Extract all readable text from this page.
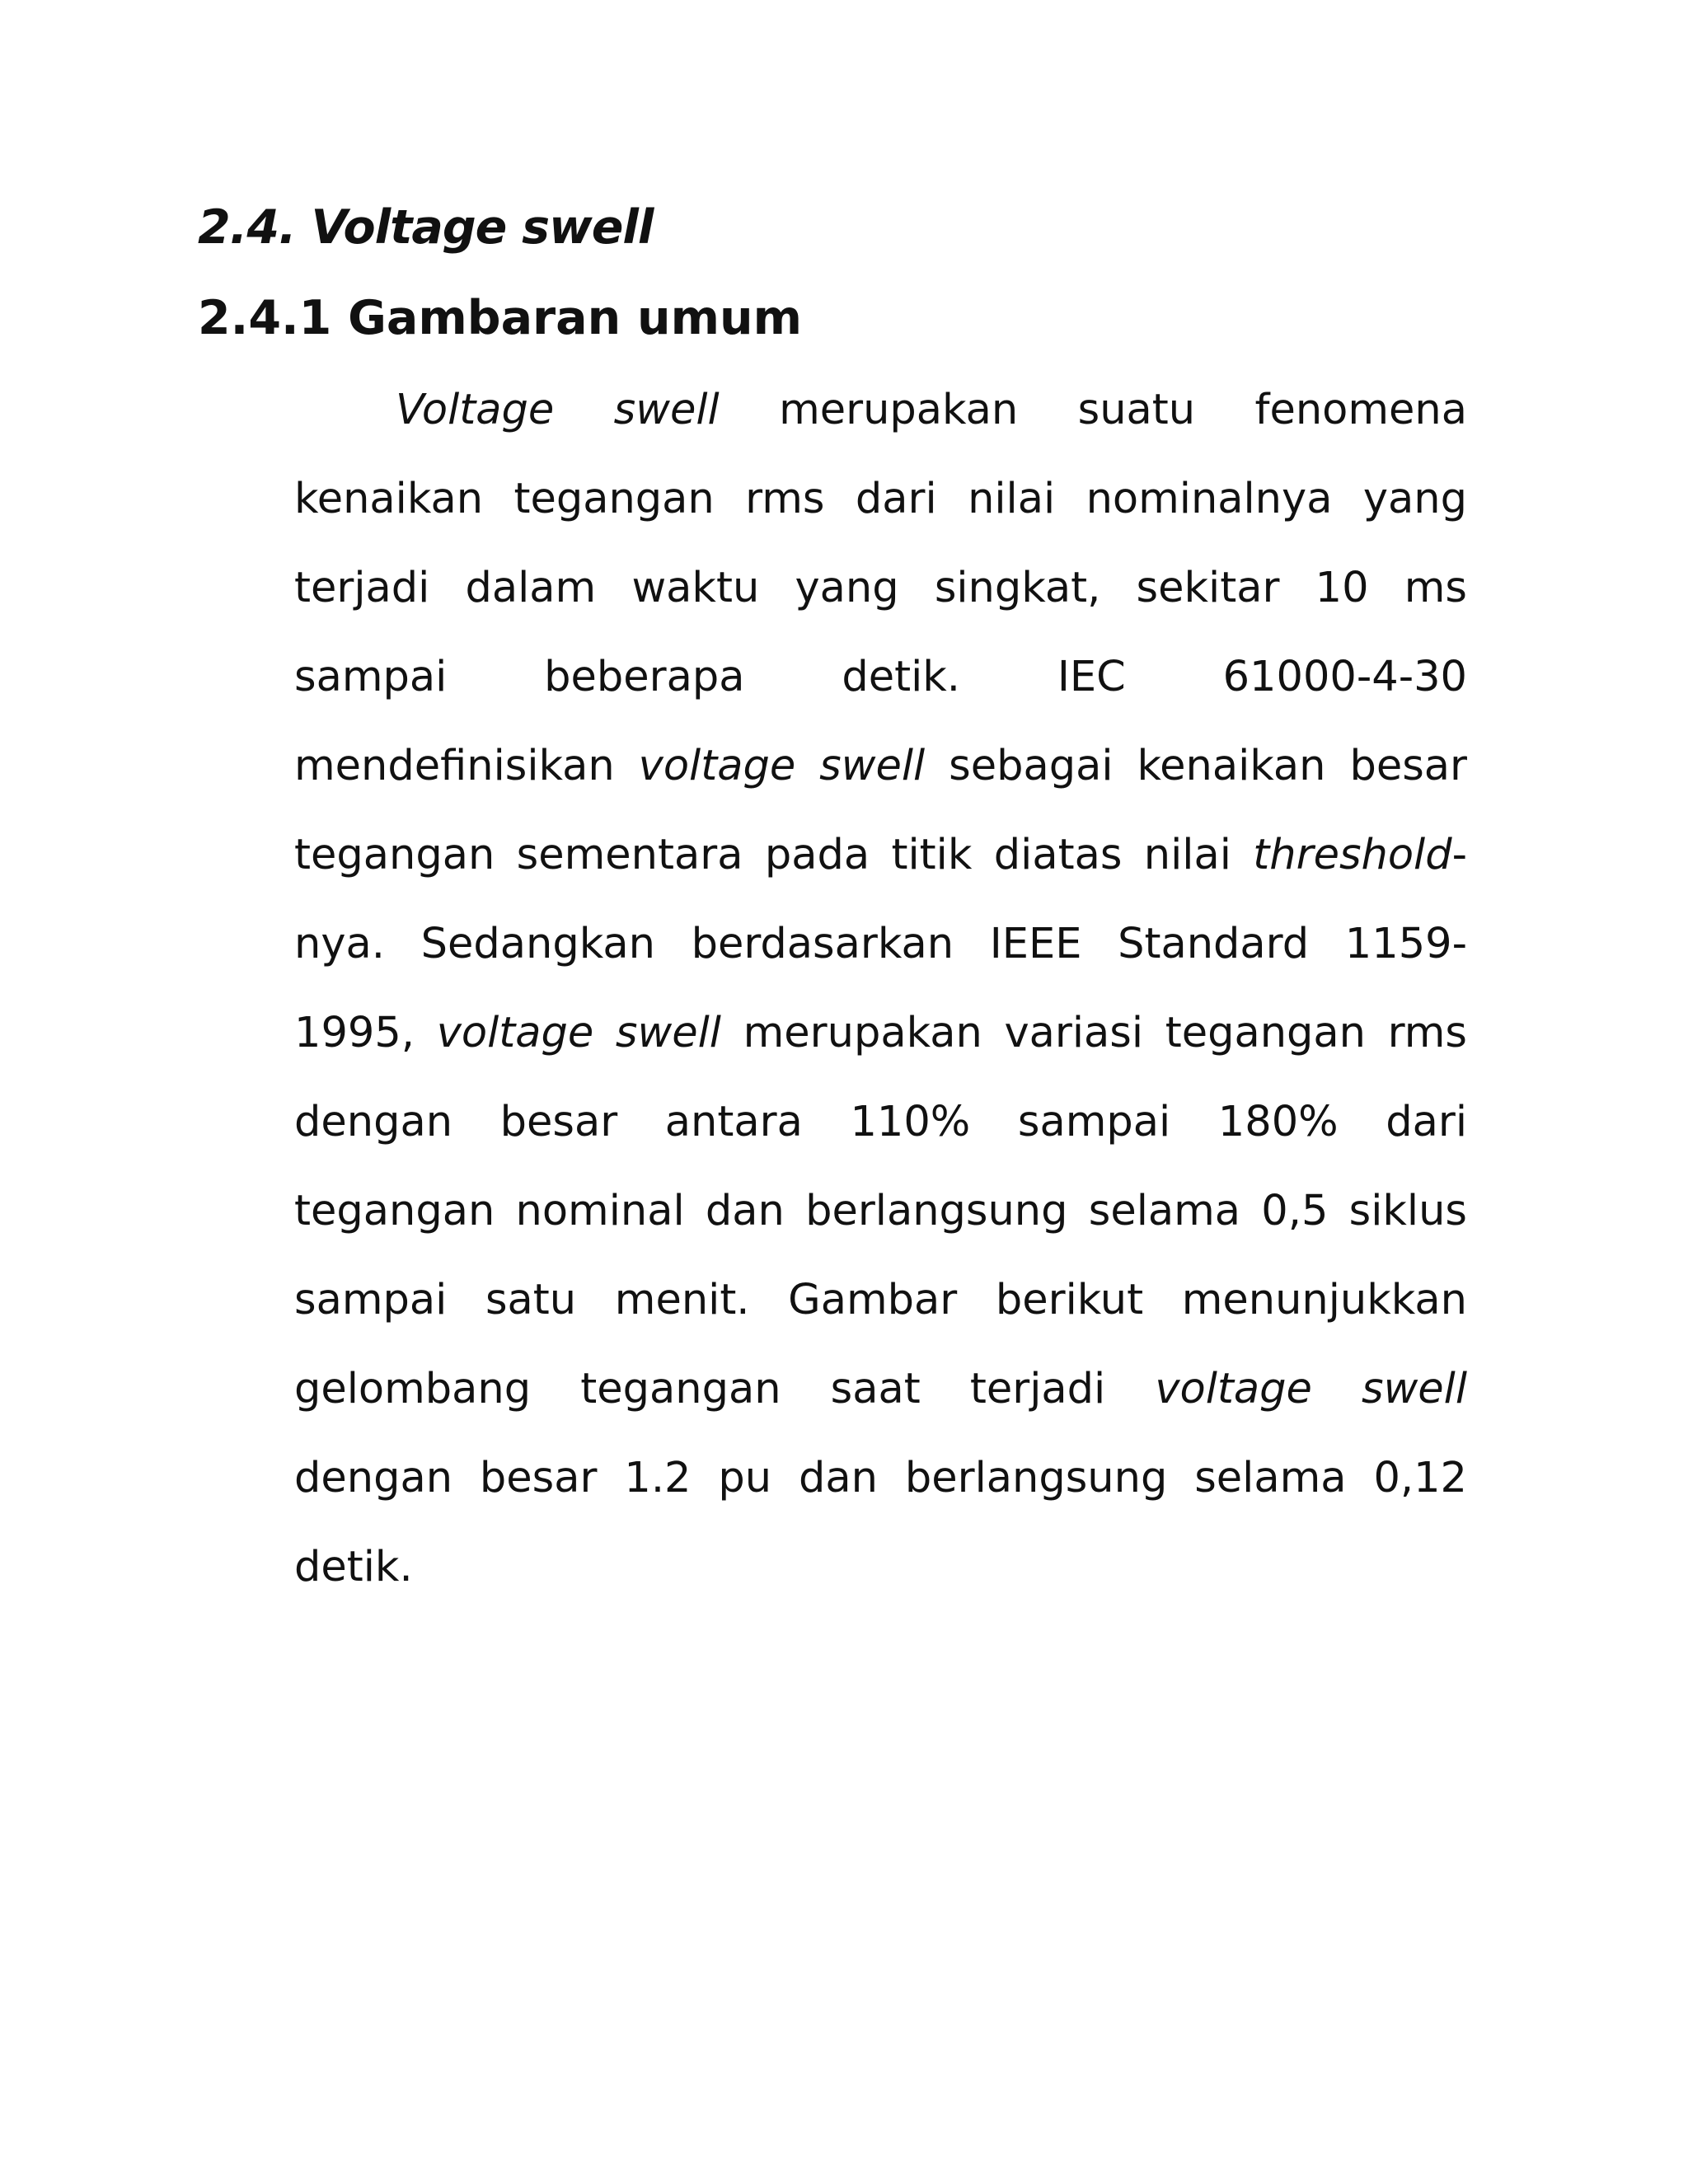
2.4. Voltage swell
2.4.1 Gambaran umum

Voltage swell merupakan suatu fenomena

kenaikan tegangan rms dari nilai nominalnya yang

terjadi dalam waktu yang singkat, sekitar 10 ms

sampai beberapa detik. IEC 61000-4-30

mendefinisikan voltage swell sebagai kenaikan besar

tegangan sementara pada titik diatas nilai threshold-

nya. Sedangkan berdasarkan IEEE Standard 1159-

1995, voltage swell merupakan variasi tegangan rms

dengan besar antara 110% sampai 180% dari

tegangan nominal dan berlangsung selama 0,5 siklus

sampai satu menit. Gambar berikut menunjukkan

gelombang tegangan saat terjadi voltage swell

dengan besar 1.2 pu dan berlangsung selama 0,12

detik.
